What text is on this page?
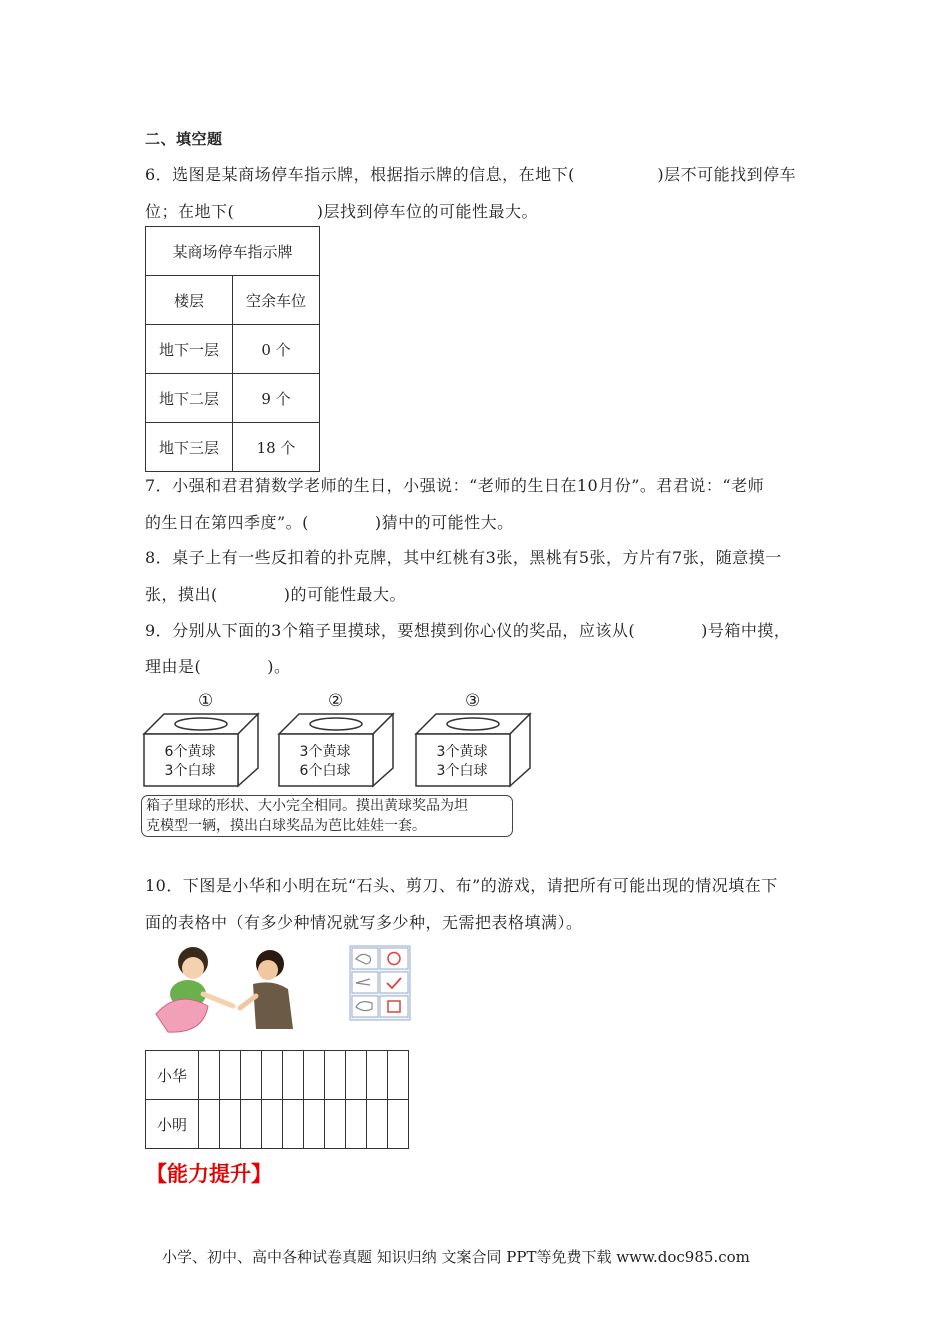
二、填空题
6．选图是某商场停车指示牌，根据指示牌的信息，在地下(　　　　　)层不可能找到停车
位；在地下(　　　　　)层找到停车位的可能性最大。
某商场停车指示牌	
楼层	空余车位
地下一层	0 个
地下二层	9 个
地下三层	18 个
7．小强和君君猜数学老师的生日，小强说：“老师的生日在10月份”。君君说：“老师
的生日在第四季度”。(　　　　)猜中的可能性大。
8．桌子上有一些反扣着的扑克牌，其中红桃有3张，黑桃有5张，方片有7张，随意摸一
张，摸出(　　　　)的可能性最大。
9．分别从下面的3个箱子里摸球，要想摸到你心仪的奖品，应该从(　　　　)号箱中摸，
理由是(　　　　)。
①
6个黄球
3个白球
②
3个黄球
6个白球
③
3个黄球
3个白球
箱子里球的形状、大小完全相同。摸出黄球奖品为坦
克模型一辆，摸出白球奖品为芭比娃娃一套。
10．下图是小华和小明在玩“石头、剪刀、布”的游戏，请把所有可能出现的情况填在下
面的表格中（有多少种情况就写多少种，无需把表格填满）。
小华										
小明										
【能力提升】
小学、初中、高中各种试卷真题 知识归纳 文案合同 PPT等免费下载 www.doc985.com
